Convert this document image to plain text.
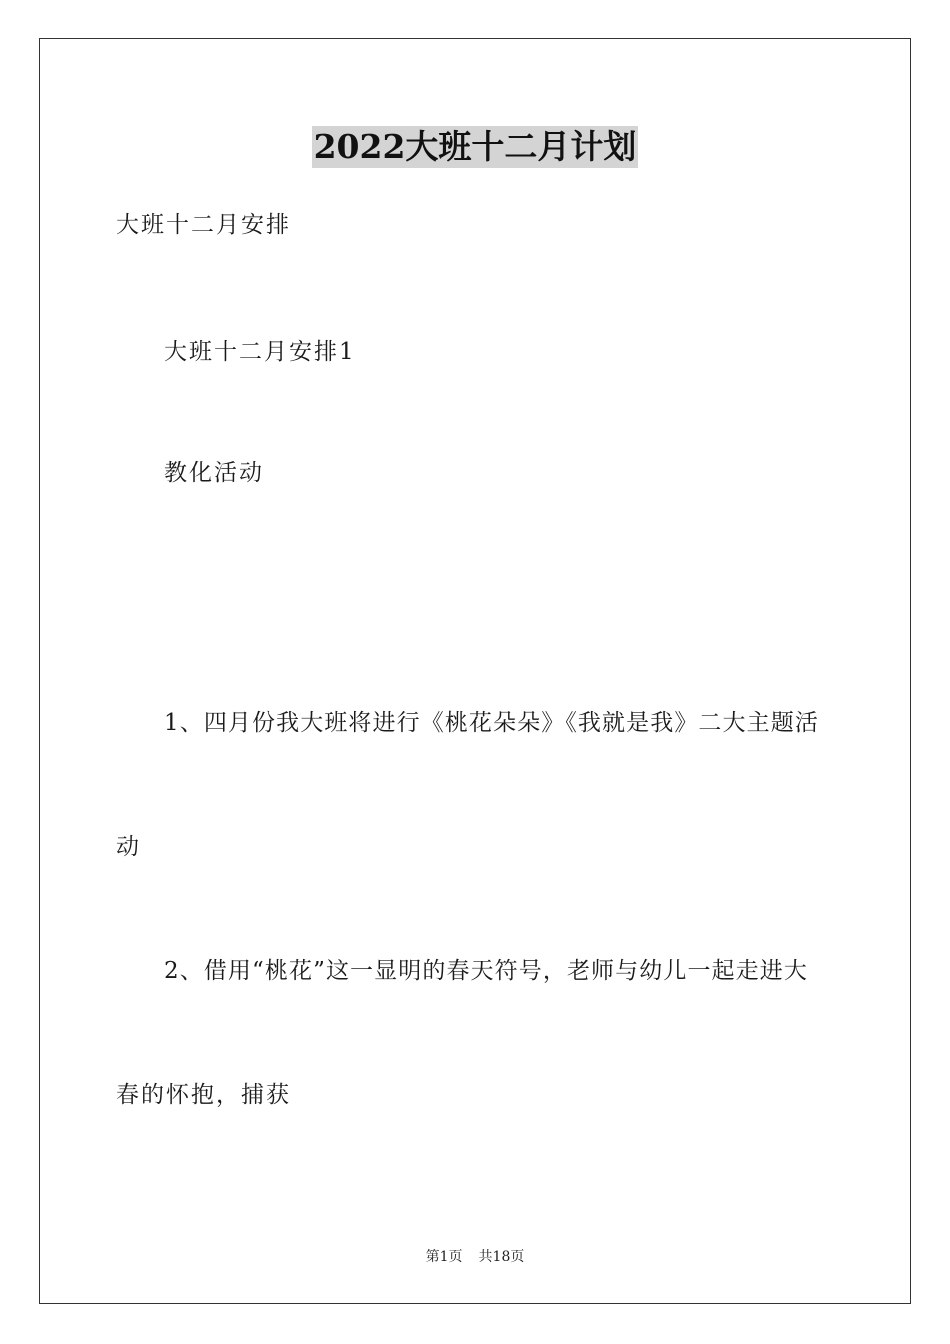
2022大班十二月计划
大班十二月安排
大班十二月安排1
教化活动
1、四月份我大班将进行《桃花朵朵》《我就是我》二大主题活
动
2、借用“桃花”这一显明的春天符号，老师与幼儿一起走进大
春的怀抱，捕获
第1页 共18页
